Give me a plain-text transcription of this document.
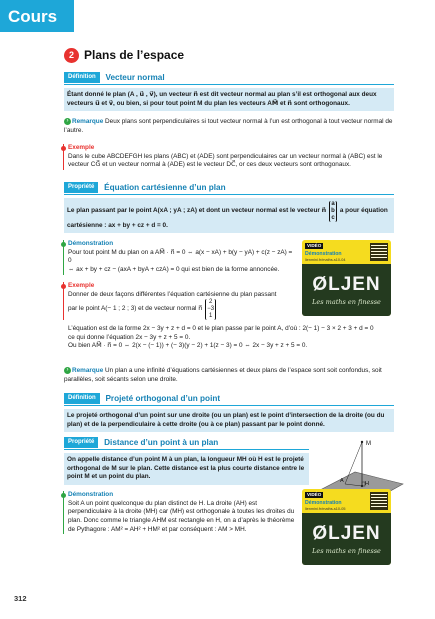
Cours
2 Plans de l’espace
Définition Vecteur normal
Étant donné le plan (A , u⃗ , v⃗), un vecteur n⃗ est dit vecteur normal au plan s’il est orthogonal aux deux
vecteurs u⃗ et v⃗, ou bien, si pour tout point M du plan les vecteurs AM⃗ et n⃗ sont orthogonaux.
› Remarque Deux plans sont perpendiculaires si tout vecteur normal à l’un est orthogonal à tout vecteur normal de l’autre.
Exemple
Dans le cube ABCDEFGH les plans (ABC) et (ADE) sont perpendiculaires car un vecteur normal à (ABC) est le vecteur CG⃗ et un vecteur normal à (ADE) est le vecteur DC⃗, or ces deux vecteurs sont orthogonaux.
Propriété Équation cartésienne d’un plan
Le plan passant par le point A(xA ; yA ; zA) et dont un vecteur normal est le vecteur n⃗
a
b
c
a pour équation
cartésienne : ax + by + cz + d = 0.
Démonstration
Pour tout point M du plan on a AM⃗ · n⃗ = 0 ⇔ a(x − xA) + b(y − yA) + c(z − zA) = 0
⇔ ax + by + cz − (axA + byA + czA) = 0 qui est bien de la forme annoncée.
VIDÉO
Démonstration
lienmini.fr/maths-s10-04
ØLJEN
Les maths en finesse
Exemple
Donner de deux façons différentes l’équation cartésienne du plan passant
par le point A(− 1 ; 2 ; 3) et de vecteur normal n⃗
2
−3
1
L’équation est de la forme 2x − 3y + z + d = 0 et le plan passe par le point A, d’où : 2(− 1) − 3 × 2 + 3 + d = 0
ce qui donne l’équation 2x − 3y + z + 5 = 0.
Ou bien AM⃗ · n⃗ = 0 ⇔ 2(x − (− 1)) + (− 3)(y − 2) + 1(z − 3) = 0 ⇔ 2x − 3y + z + 5 = 0.
› Remarque Un plan a une infinité d’équations cartésiennes et deux plans de l’espace sont soit confondus, soit parallèles, soit sécants selon une droite.
Définition Projeté orthogonal d’un point
Le projeté orthogonal d’un point sur une droite (ou un plan) est le point d’intersection de la droite (ou du plan) et de la perpendiculaire à cette droite (ou à ce plan) passant par le point donné.
Propriété Distance d’un point à un plan
On appelle distance d’un point M à un plan, la longueur MH où H est le projeté orthogonal de M sur le plan. Cette distance est la plus courte distance entre le point M et un point du plan.
M
H
A
Démonstration
Soit A un point quelconque du plan distinct de H. La droite (AH) est perpendiculaire à la droite (MH) car (MH) est orthogonale à toutes les droites du plan. Donc comme le triangle AHM est rectangle en H, on a d’après le théorème de Pythagore : AM² = AH² + HM² et par conséquent : AM > MH.
VIDÉO
Démonstration
lienmini.fr/maths-s10-05
ØLJEN
Les maths en finesse
312
